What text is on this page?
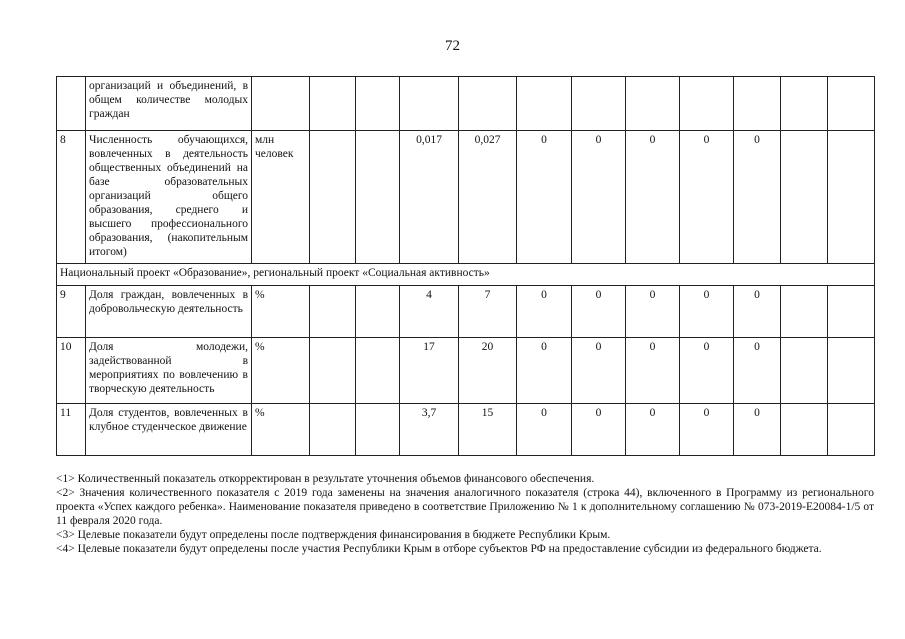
72
	организаций и объединений, в общем количестве молодых граждан												
8	Численность обучающихся, вовлеченных в деятельность общественных объединений на базе образовательных организаций общего образования, среднего и высшего профессионального образования, (накопительным итогом)	млн человек			0,017	0,027	0	0	0	0	0		
Национальный проект «Образование», региональный проект «Социальная активность»													
9	Доля граждан, вовлеченных в добровольческую деятельность	%			4	7	0	0	0	0	0		
10	Доля молодежи, задействованной в мероприятиях по вовлечению в творческую деятельность	%			17	20	0	0	0	0	0		
11	Доля студентов, вовлеченных в клубное студенческое движение	%			3,7	15	0	0	0	0	0		

<1> Количественный показатель откорректирован в результате уточнения объемов финансового обеспечения.

<2> Значения количественного показателя с 2019 года заменены на значения аналогичного показателя (строка 44), включенного в Программу из регионального проекта «Успех каждого ребенка». Наименование показателя приведено в соответствие Приложению № 1 к дополнительному соглашению № 073-2019-Е20084-1/5 от 11 февраля 2020 года.

<3> Целевые показатели будут определены после подтверждения финансирования в бюджете Республики Крым.

<4> Целевые показатели будут определены после участия Республики Крым в отборе субъектов РФ на предоставление субсидии из федерального бюджета.
